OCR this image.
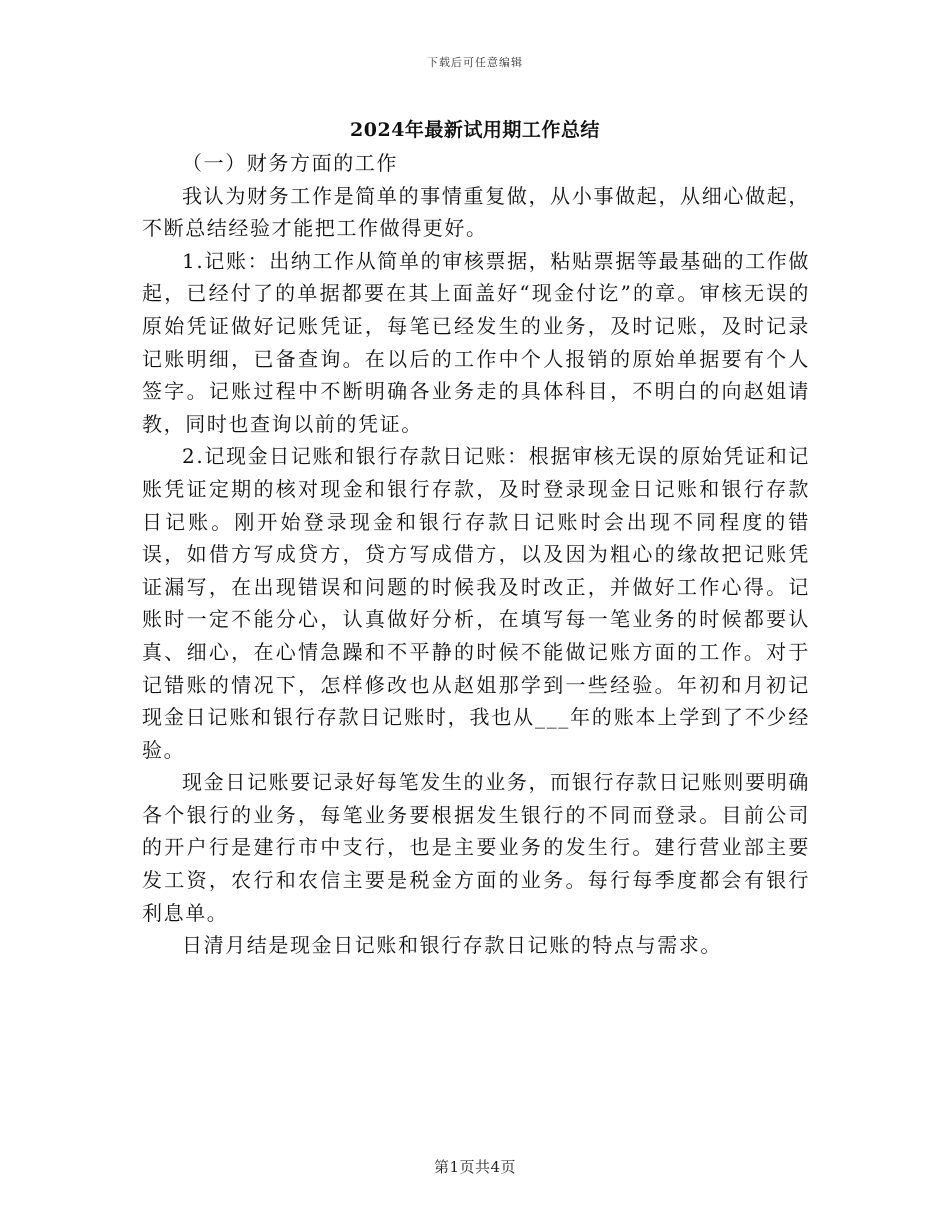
下载后可任意编辑
2024年最新试用期工作总结

（一）财务方面的工作

我认为财务工作是简单的事情重复做，从小事做起，从细心做起，不断总结经验才能把工作做得更好。

1.记账：出纳工作从简单的审核票据，粘贴票据等最基础的工作做起，已经付了的单据都要在其上面盖好“现金付讫”的章。审核无误的原始凭证做好记账凭证，每笔已经发生的业务，及时记账，及时记录记账明细，已备查询。在以后的工作中个人报销的原始单据要有个人签字。记账过程中不断明确各业务走的具体科目，不明白的向赵姐请教，同时也查询以前的凭证。

2.记现金日记账和银行存款日记账：根据审核无误的原始凭证和记账凭证定期的核对现金和银行存款，及时登录现金日记账和银行存款日记账。刚开始登录现金和银行存款日记账时会出现不同程度的错误，如借方写成贷方，贷方写成借方，以及因为粗心的缘故把记账凭证漏写，在出现错误和问题的时候我及时改正，并做好工作心得。记账时一定不能分心，认真做好分析，在填写每一笔业务的时候都要认真、细心，在心情急躁和不平静的时候不能做记账方面的工作。对于记错账的情况下，怎样修改也从赵姐那学到一些经验。年初和月初记现金日记账和银行存款日记账时，我也从___年的账本上学到了不少经验。

现金日记账要记录好每笔发生的业务，而银行存款日记账则要明确各个银行的业务，每笔业务要根据发生银行的不同而登录。目前公司的开户行是建行市中支行，也是主要业务的发生行。建行营业部主要发工资，农行和农信主要是税金方面的业务。每行每季度都会有银行利息单。

日清月结是现金日记账和银行存款日记账的特点与需求。

第1页共4页
